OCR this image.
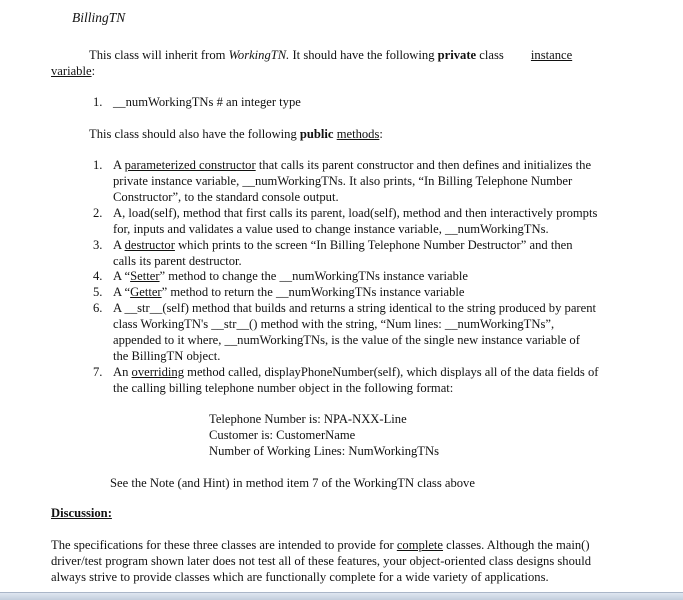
BillingTN
This class will inherit from WorkingTN. It should have the following private class instance
variable:
1. __numWorkingTNs # an integer type
This class should also have the following public methods:
1. A parameterized constructor that calls its parent constructor and then defines and initializes the
private instance variable, __numWorkingTNs. It also prints, “In Billing Telephone Number
Constructor”, to the standard console output.
2. A, load(self), method that first calls its parent, load(self), method and then interactively prompts
for, inputs and validates a value used to change instance variable, __numWorkingTNs.
3. A destructor which prints to the screen “In Billing Telephone Number Destructor” and then
calls its parent destructor.
4. A “Setter” method to change the __numWorkingTNs instance variable
5. A “Getter” method to return the __numWorkingTNs instance variable
6. A __str__(self) method that builds and returns a string identical to the string produced by parent
class WorkingTN's __str__() method with the string, “Num lines: __numWorkingTNs”,
appended to it where, __numWorkingTNs, is the value of the single new instance variable of
the BillingTN object.
7. An overriding method called, displayPhoneNumber(self), which displays all of the data fields of
the calling billing telephone number object in the following format:
Telephone Number is: NPA-NXX-Line
Customer is: CustomerName
Number of Working Lines: NumWorkingTNs
See the Note (and Hint) in method item 7 of the WorkingTN class above
Discussion:
The specifications for these three classes are intended to provide for complete classes. Although the main()
driver/test program shown later does not test all of these features, your object-oriented class designs should
always strive to provide classes which are functionally complete for a wide variety of applications.
